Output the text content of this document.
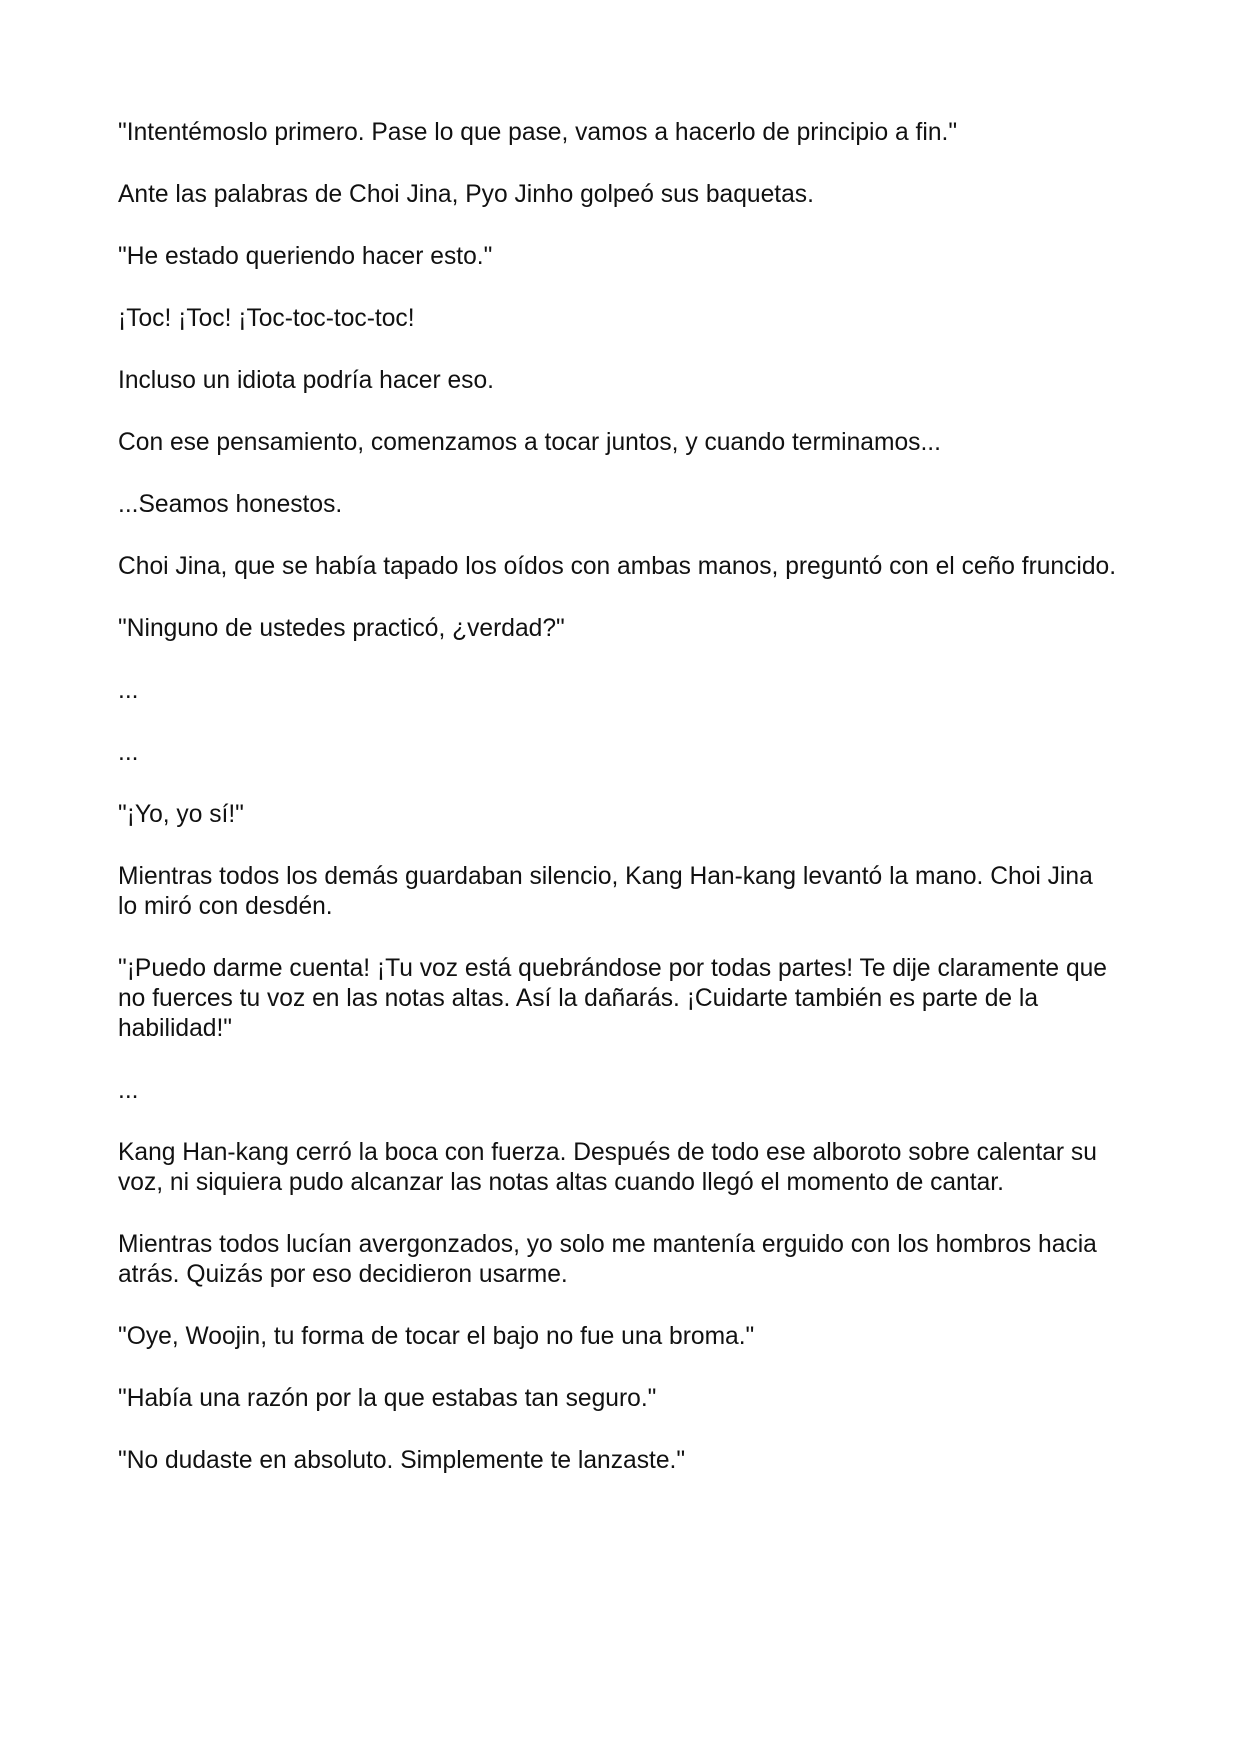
"Intentémoslo primero. Pase lo que pase, vamos a hacerlo de principio a fin."

Ante las palabras de Choi Jina, Pyo Jinho golpeó sus baquetas.

"He estado queriendo hacer esto."

¡Toc! ¡Toc! ¡Toc-toc-toc-toc!

Incluso un idiota podría hacer eso.

Con ese pensamiento, comenzamos a tocar juntos, y cuando terminamos...

...Seamos honestos.

Choi Jina, que se había tapado los oídos con ambas manos, preguntó con el ceño fruncido.

"Ninguno de ustedes practicó, ¿verdad?"

...

...

"¡Yo, yo sí!"

Mientras todos los demás guardaban silencio, Kang Han-kang levantó la mano. Choi Jina lo miró con desdén.

"¡Puedo darme cuenta! ¡Tu voz está quebrándose por todas partes! Te dije claramente que no fuerces tu voz en las notas altas. Así la dañarás. ¡Cuidarte también es parte de la habilidad!"

...

Kang Han-kang cerró la boca con fuerza. Después de todo ese alboroto sobre calentar su voz, ni siquiera pudo alcanzar las notas altas cuando llegó el momento de cantar.

Mientras todos lucían avergonzados, yo solo me mantenía erguido con los hombros hacia atrás. Quizás por eso decidieron usarme.

"Oye, Woojin, tu forma de tocar el bajo no fue una broma."

"Había una razón por la que estabas tan seguro."

"No dudaste en absoluto. Simplemente te lanzaste."
